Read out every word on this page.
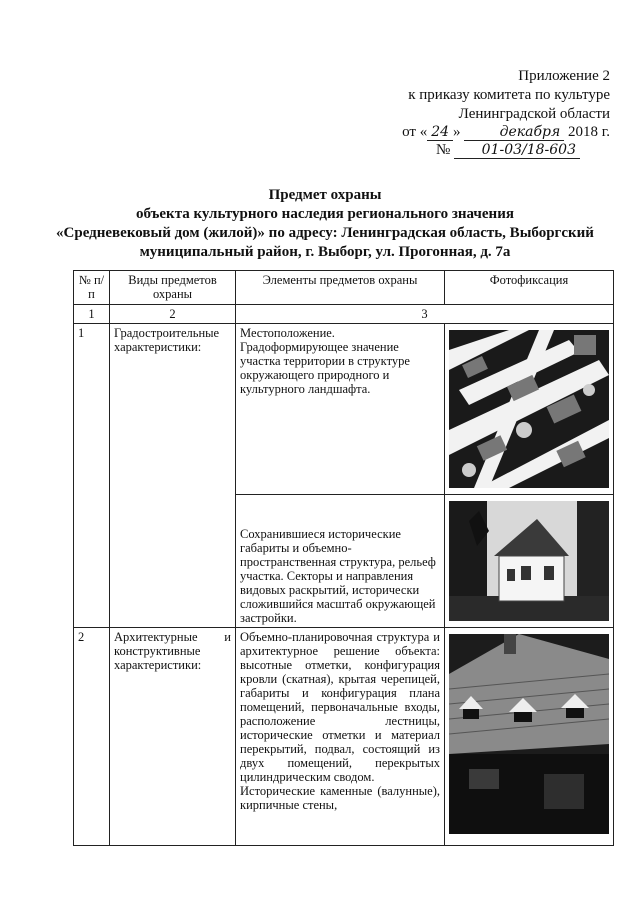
Приложение 2
к приказу комитета по культуре
Ленинградской области
от « 24 »	декабря 2018 г.
№ 01-03/18-603
Предмет охраны
объекта культурного наследия регионального значения
«Средневековый дом (жилой)» по адресу: Ленинградская область, Выборгский
муниципальный район, г. Выборг, ул. Прогонная, д. 7а
№ п/п	Виды предметов охраны	Элементы предметов охраны	Фотофиксация
1	2	3	
1	Градостроительные характеристики:	Местоположение. Градоформирующее значение участка территории в структуре окружающего природного и культурного ландшафта.	

		Сохранившиеся исторические габариты и объемно-пространственная структура, рельеф участка. Секторы и направления видовых раскрытий, исторически сложившийся масштаб окружающей застройки.	

2	Архитектурные и конструктивные характеристики:	Объемно-планировочная структура и архитектурное решение объекта: высотные отметки, конфигурация кровли (скатная), крытая черепицей, габариты и конфигурация плана помещений, первоначальные входы, расположение лестницы, исторические отметки и материал перекрытий, подвал, состоящий из двух помещений, перекрытых цилиндрическим сводом.
Исторические каменные (валунные), кирпичные стены,
